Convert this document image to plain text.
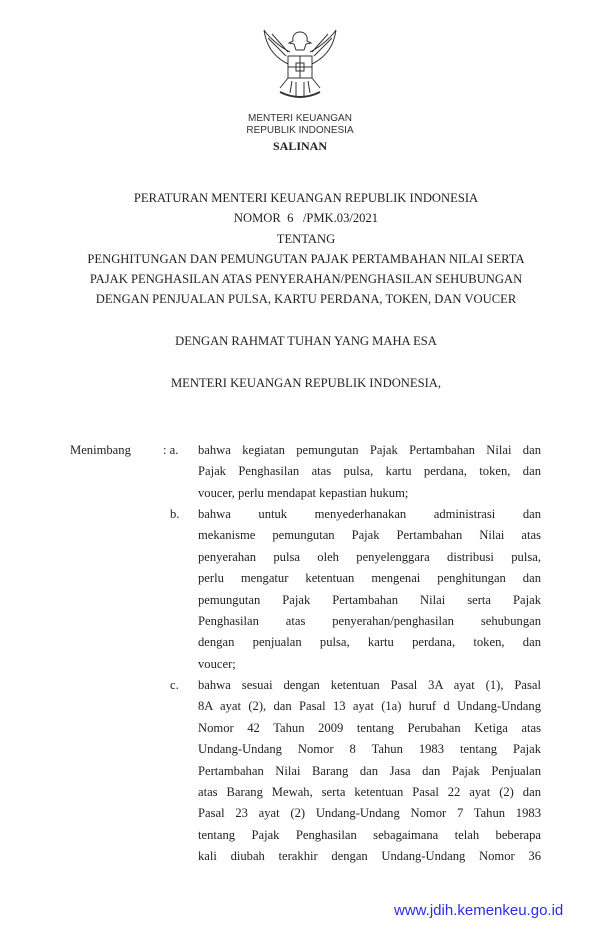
MENTERI KEUANGAN
REPUBLIK INDONESIA
SALINAN
PERATURAN MENTERI KEUANGAN REPUBLIK INDONESIA
NOMOR  6   /PMK.03/2021
TENTANG
PENGHITUNGAN DAN PEMUNGUTAN PAJAK PERTAMBAHAN NILAI SERTA
PAJAK PENGHASILAN ATAS PENYERAHAN/PENGHASILAN SEHUBUNGAN
DENGAN PENJUALAN PULSA, KARTU PERDANA, TOKEN, DAN VOUCER
DENGAN RAHMAT TUHAN YANG MAHA ESA
MENTERI KEUANGAN REPUBLIK INDONESIA,
Menimbang	: a. bahwa kegiatan pemungutan Pajak Pertambahan Nilai dan
Pajak Penghasilan atas pulsa, kartu perdana, token, dan
voucer, perlu mendapat kepastian hukum;
b. bahwa untuk menyederhanakan administrasi dan
mekanisme pemungutan Pajak Pertambahan Nilai atas
penyerahan pulsa oleh penyelenggara distribusi pulsa,
perlu mengatur ketentuan mengenai penghitungan dan
pemungutan Pajak Pertambahan Nilai serta Pajak
Penghasilan atas penyerahan/penghasilan sehubungan
dengan penjualan pulsa, kartu perdana, token, dan
voucer;
c. bahwa sesuai dengan ketentuan Pasal 3A ayat (1), Pasal
8A ayat (2), dan Pasal 13 ayat (1a) huruf d Undang-Undang
Nomor 42 Tahun 2009 tentang Perubahan Ketiga atas
Undang-Undang Nomor 8 Tahun 1983 tentang Pajak
Pertambahan Nilai Barang dan Jasa dan Pajak Penjualan
atas Barang Mewah, serta ketentuan Pasal 22 ayat (2) dan
Pasal 23 ayat (2) Undang-Undang Nomor 7 Tahun 1983
tentang Pajak Penghasilan sebagaimana telah beberapa
kali diubah terakhir dengan Undang-Undang Nomor 36
www.jdih.kemenkeu.go.id
